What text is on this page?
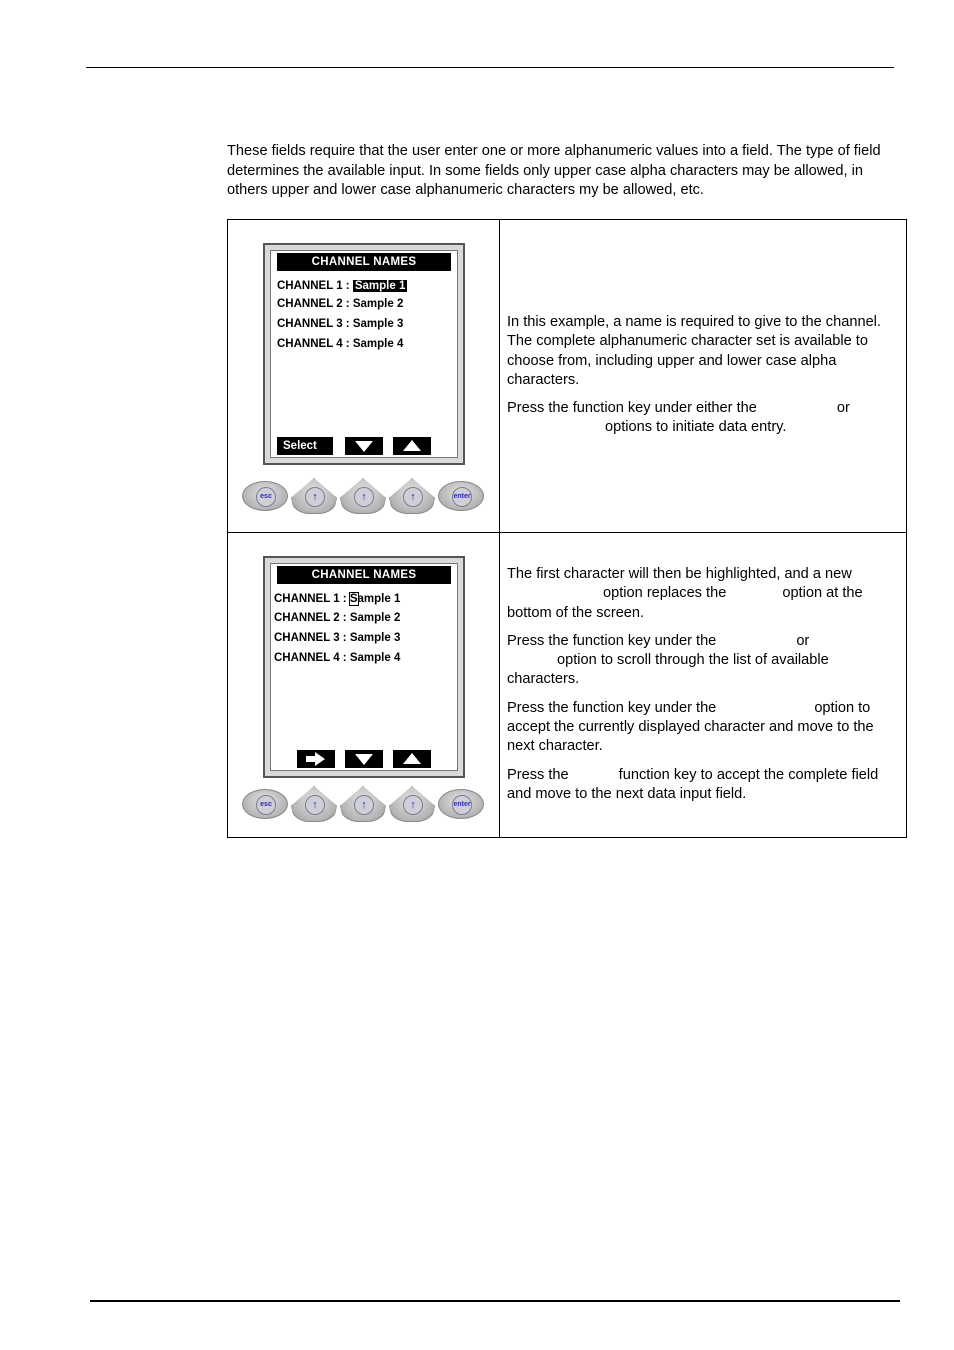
These fields require that the user enter one or more alphanumeric values into a field. The type of field determines the available input. In some fields only upper case alpha characters may be allowed, in others upper and lower case alphanumeric characters my be allowed, etc.

CHANNEL NAMES
CHANNEL 1 : Sample 1
CHANNEL 2 : Sample 2
CHANNEL 3 : Sample 3
CHANNEL 4 : Sample 4
Select
esc ↑ ↑ ↑	enter

In this example, a name is required to give to the channel. The complete alphanumeric character set is available to choose from, including upper and lower case alpha characters.

Press the function key under either the	or
options to initiate data entry.

CHANNEL NAMES
CHANNEL 1 : Sample 1
CHANNEL 2 : Sample 2
CHANNEL 3 : Sample 3
CHANNEL 4 : Sample 4
esc ↑ ↑ ↑	enter

The first character will then be highlighted, and a new
option replaces the	option at the bottom of the screen.

Press the function key under the	or
option to scroll through the list of available characters.

Press the function key under the	option to accept the currently displayed character and move to the next character.

Press the	function key to accept the complete field and move to the next data input field.
